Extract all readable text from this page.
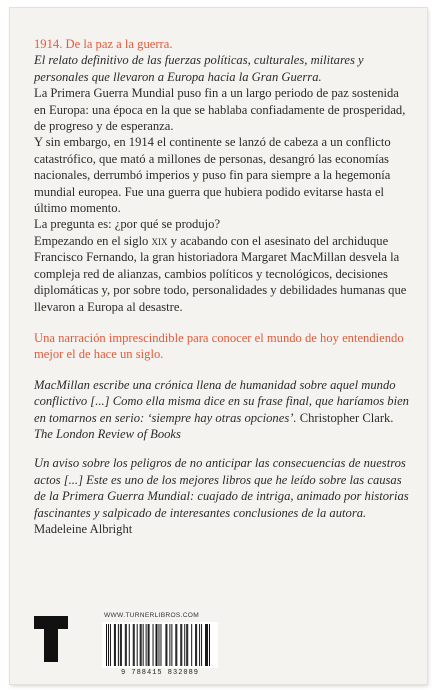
1914. De la paz a la guerra.

El relato definitivo de las fuerzas políticas, culturales, militares y personales que llevaron a Europa hacia la Gran Guerra.

La Primera Guerra Mundial puso fin a un largo periodo de paz sostenida en Europa: una época en la que se hablaba confiadamente de prosperidad, de progreso y de esperanza.

Y sin embargo, en 1914 el continente se lanzó de cabeza a un conflicto catastrófico, que mató a millones de personas, desangró las economías nacionales, derrumbó imperios y puso fin para siempre a la hegemonía mundial europea. Fue una guerra que hubiera podido evitarse hasta el último momento.

La pregunta es: ¿por qué se produjo?

Empezando en el siglo xix y acabando con el asesinato del archiduque Francisco Fernando, la gran historiadora Margaret MacMillan desvela la compleja red de alianzas, cambios políticos y tecnológicos, decisiones diplomáticas y, por sobre todo, personalidades y debilidades humanas que llevaron a Europa al desastre.

Una narración imprescindible para conocer el mundo de hoy entendiendo mejor el de hace un siglo.

MacMillan escribe una crónica llena de humanidad sobre aquel mundo conflictivo [...] Como ella misma dice en su frase final, que haríamos bien en tomarnos en serio: ‘siempre hay otras opciones’. Christopher Clark. The London Review of Books

Un aviso sobre los peligros de no anticipar las consecuencias de nuestros actos [...] Este es uno de los mejores libros que he leído sobre las causas de la Primera Guerra Mundial: cuajado de intriga, animado por historias fascinantes y salpicado de interesantes conclusiones de la autora. Madeleine Albright

WWW.TURNERLIBROS.COM
9 788415 832089
